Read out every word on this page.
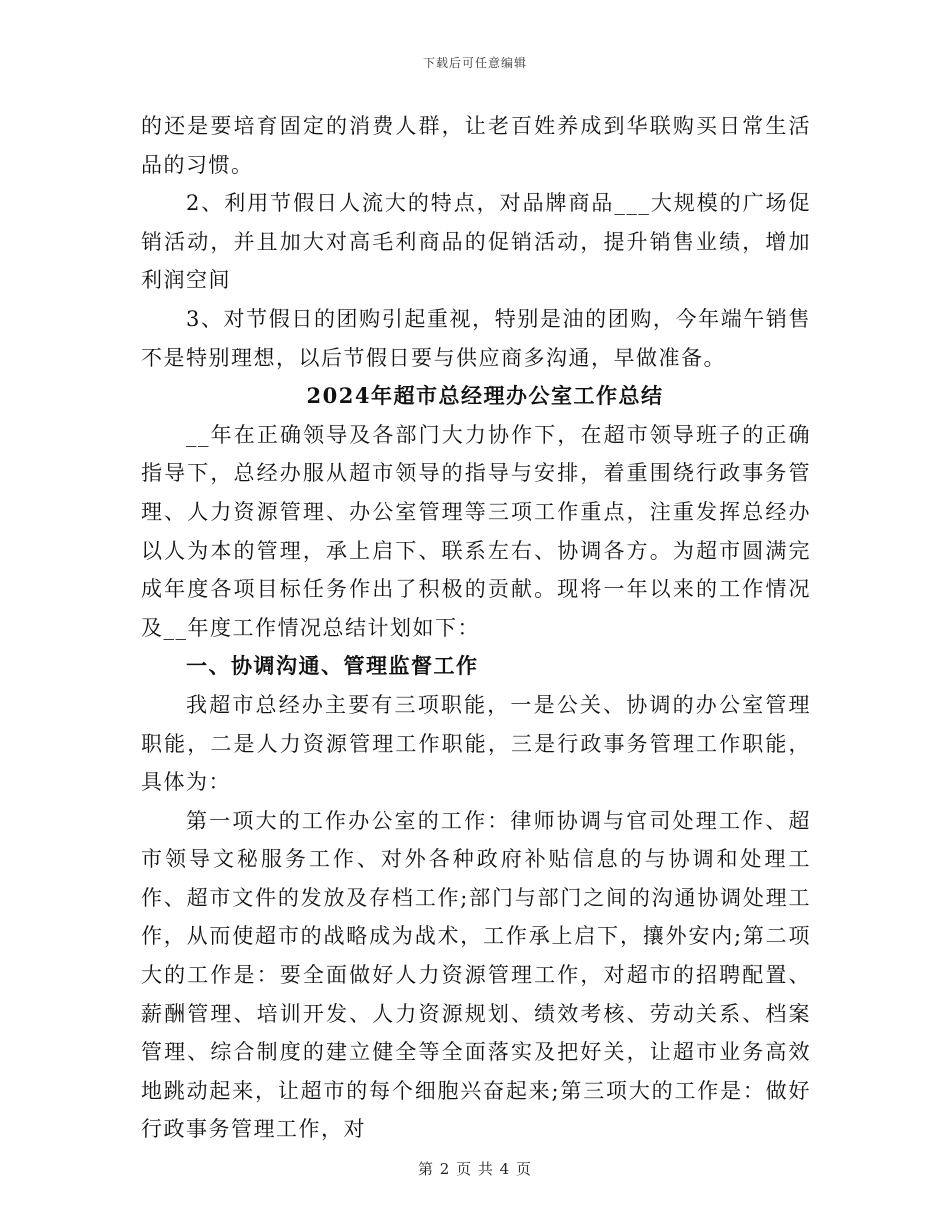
下载后可任意编辑

的还是要培育固定的消费人群，让老百姓养成到华联购买日常生活品的习惯。

2、利用节假日人流大的特点，对品牌商品___大规模的广场促销活动，并且加大对高毛利商品的促销活动，提升销售业绩，增加利润空间

3、对节假日的团购引起重视，特别是油的团购，今年端午销售不是特别理想，以后节假日要与供应商多沟通，早做准备。

2024年超市总经理办公室工作总结

__年在正确领导及各部门大力协作下，在超市领导班子的正确指导下，总经办服从超市领导的指导与安排，着重围绕行政事务管理、人力资源管理、办公室管理等三项工作重点，注重发挥总经办以人为本的管理，承上启下、联系左右、协调各方。为超市圆满完成年度各项目标任务作出了积极的贡献。现将一年以来的工作情况及__年度工作情况总结计划如下：

一、协调沟通、管理监督工作

我超市总经办主要有三项职能，一是公关、协调的办公室管理职能，二是人力资源管理工作职能，三是行政事务管理工作职能，具体为：

第一项大的工作办公室的工作：律师协调与官司处理工作、超市领导文秘服务工作、对外各种政府补贴信息的与协调和处理工作、超市文件的发放及存档工作;部门与部门之间的沟通协调处理工作，从而使超市的战略成为战术，工作承上启下，攘外安内;第二项大的工作是：要全面做好人力资源管理工作，对超市的招聘配置、薪酬管理、培训开发、人力资源规划、绩效考核、劳动关系、档案管理、综合制度的建立健全等全面落实及把好关，让超市业务高效地跳动起来，让超市的每个细胞兴奋起来;第三项大的工作是：做好行政事务管理工作，对

第 2 页 共 4 页
